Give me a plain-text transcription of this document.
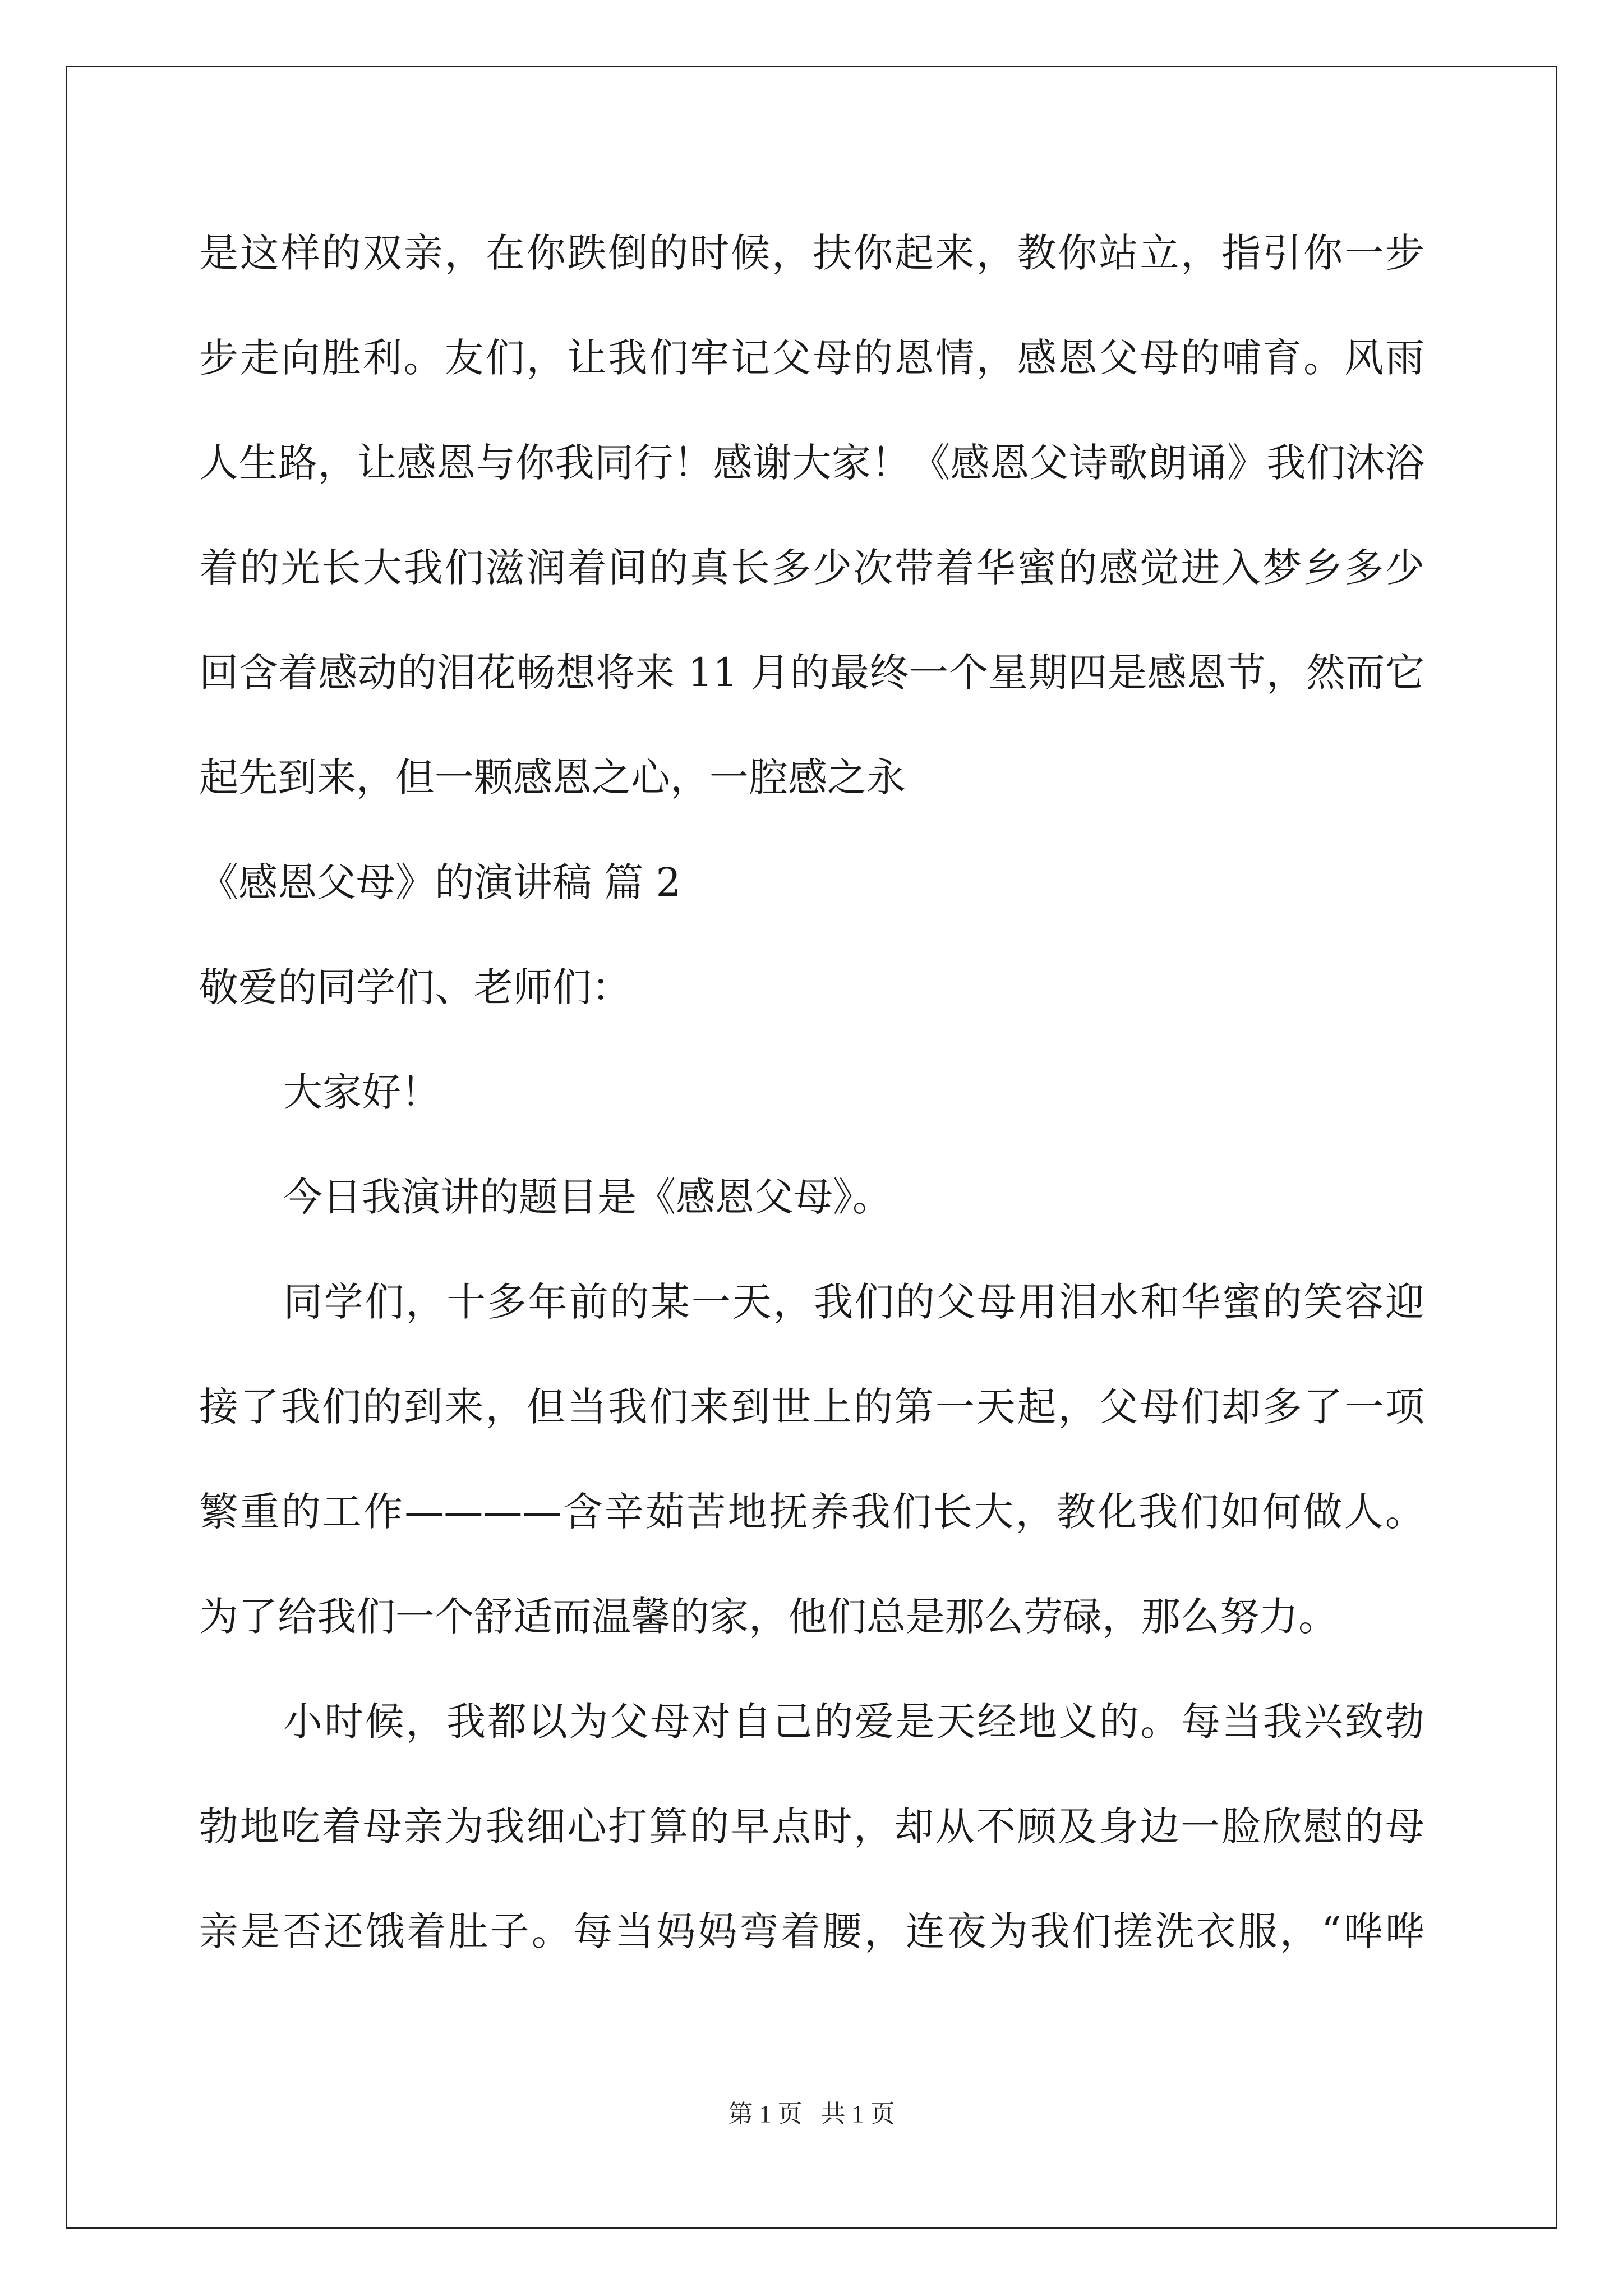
是这样的双亲，在你跌倒的时候，扶你起来，教你站立，指引你一步
步走向胜利。友们，让我们牢记父母的恩情，感恩父母的哺育。风雨
人生路，让感恩与你我同行！感谢大家！《感恩父诗歌朗诵》我们沐浴
着的光长大我们滋润着间的真长多少次带着华蜜的感觉进入梦乡多少
回含着感动的泪花畅想将来 11 月的最终一个星期四是感恩节，然而它
起先到来，但一颗感恩之心，一腔感之永
《感恩父母》的演讲稿 篇 2
敬爱的同学们、老师们：
大家好！
今日我演讲的题目是《感恩父母》。
同学们，十多年前的某一天，我们的父母用泪水和华蜜的笑容迎
接了我们的到来，但当我们来到世上的第一天起，父母们却多了一项
繁重的工作————含辛茹苦地抚养我们长大，教化我们如何做人。
为了给我们一个舒适而温馨的家，他们总是那么劳碌，那么努力。
小时候，我都以为父母对自己的爱是天经地义的。每当我兴致勃
勃地吃着母亲为我细心打算的早点时，却从不顾及身边一脸欣慰的母
亲是否还饿着肚子。每当妈妈弯着腰，连夜为我们搓洗衣服，“哗哗
第 1 页   共 1 页
